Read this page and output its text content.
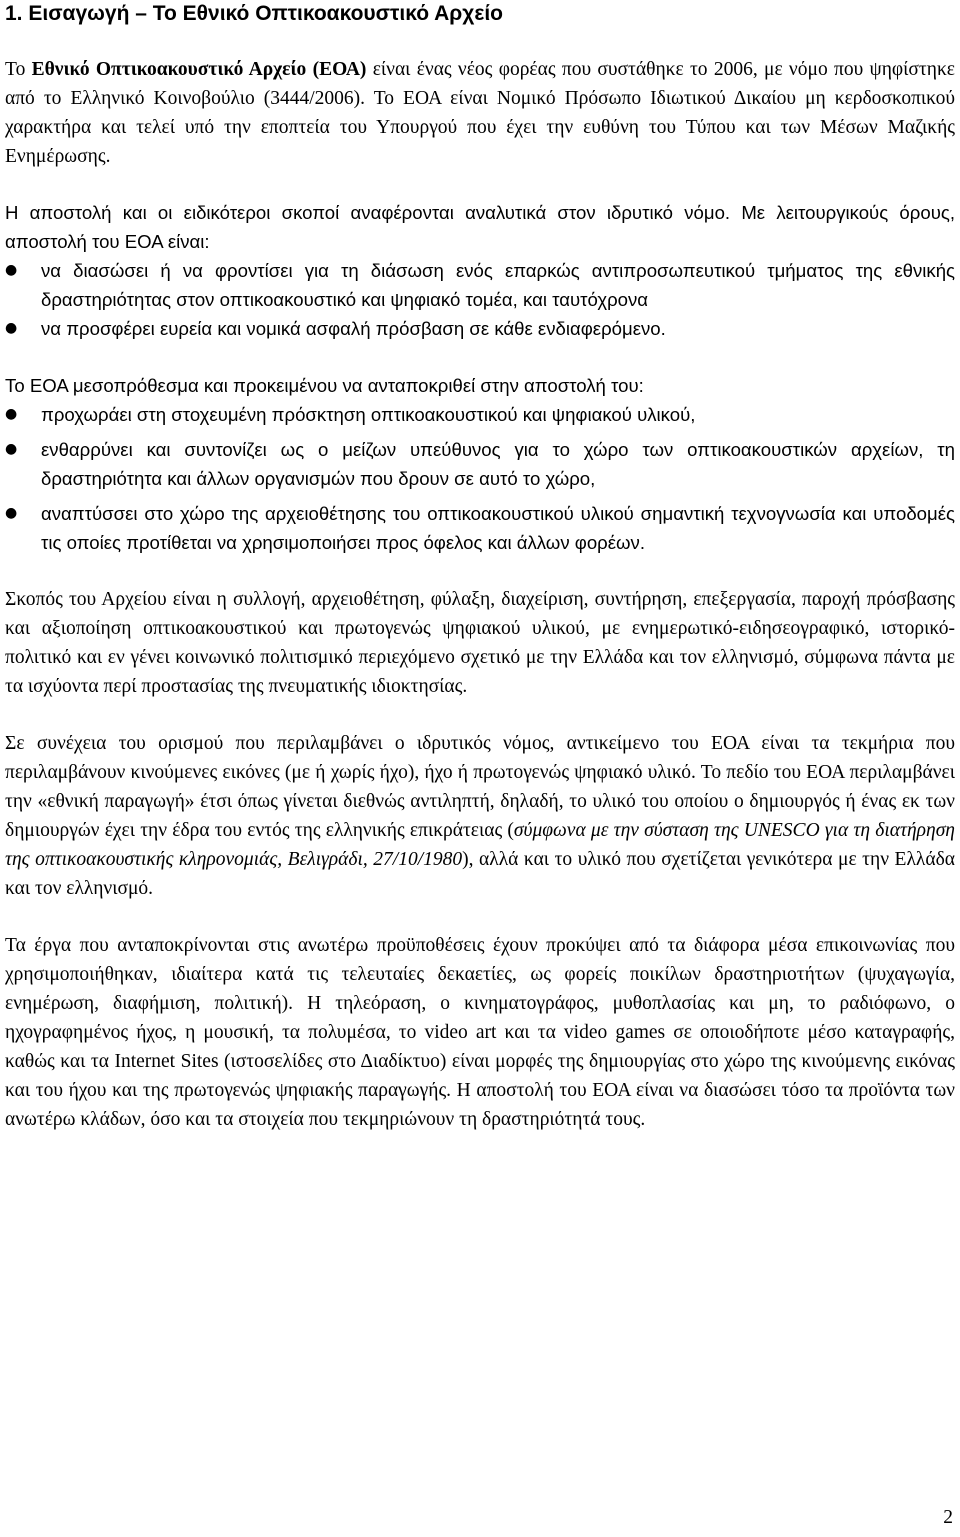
1. Εισαγωγή – Το Εθνικό Οπτικοακουστικό Αρχείο

Το Εθνικό Οπτικοακουστικό Αρχείο (ΕΟΑ) είναι ένας νέος φορέας που συστάθηκε το 2006, με νόμο που ψηφίστηκε από το Ελληνικό Κοινοβούλιο (3444/2006). Το ΕΟΑ είναι Νομικό Πρόσωπο Ιδιωτικού Δικαίου μη κερδοσκοπικού χαρακτήρα και τελεί υπό την εποπτεία του Υπουργού που έχει την ευθύνη του Τύπου και των Μέσων Μαζικής Ενημέρωσης.

Η αποστολή και οι ειδικότεροι σκοποί αναφέρονται αναλυτικά στον ιδρυτικό νόμο. Με λειτουργικούς όρους, αποστολή του ΕΟΑ είναι:

●	να διασώσει ή να φροντίσει για τη διάσωση ενός επαρκώς αντιπροσωπευτικού τμήματος της εθνικής δραστηριότητας στον οπτικοακουστικό και ψηφιακό τομέα, και ταυτόχρονα
●	να προσφέρει ευρεία και νομικά ασφαλή πρόσβαση σε κάθε ενδιαφερόμενο.

Το ΕΟΑ μεσοπρόθεσμα και προκειμένου να ανταποκριθεί στην αποστολή του:

●	προχωράει στη στοχευμένη πρόσκτηση οπτικοακουστικού και ψηφιακού υλικού,
●	ενθαρρύνει και συντονίζει ως ο μείζων υπεύθυνος για το χώρο των οπτικοακουστικών αρχείων, τη δραστηριότητα και άλλων οργανισμών που δρουν σε αυτό το χώρο,
●	αναπτύσσει στο χώρο της αρχειοθέτησης του οπτικοακουστικού υλικού σημαντική τεχνογνωσία και υποδομές τις οποίες προτίθεται να χρησιμοποιήσει προς όφελος και άλλων φορέων.

Σκοπός του Αρχείου είναι η συλλογή, αρχειοθέτηση, φύλαξη, διαχείριση, συντήρηση, επεξεργασία, παροχή πρόσβασης και αξιοποίηση οπτικοακουστικού και πρωτογενώς ψηφιακού υλικού, με ενημερωτικό-ειδησεογραφικό, ιστορικό-πολιτικό και εν γένει κοινωνικό πολιτισμικό περιεχόμενο σχετικό με την Ελλάδα και τον ελληνισμό, σύμφωνα πάντα με τα ισχύοντα περί προστασίας της πνευματικής ιδιοκτησίας.

Σε συνέχεια του ορισμού που περιλαμβάνει ο ιδρυτικός νόμος, αντικείμενο του ΕΟΑ είναι τα τεκμήρια που περιλαμβάνουν κινούμενες εικόνες (με ή χωρίς ήχο), ήχο ή πρωτογενώς ψηφιακό υλικό. Το πεδίο του ΕΟΑ περιλαμβάνει την «εθνική παραγωγή» έτσι όπως γίνεται διεθνώς αντιληπτή, δηλαδή, το υλικό του οποίου ο δημιουργός ή ένας εκ των δημιουργών έχει την έδρα του εντός της ελληνικής επικράτειας (σύμφωνα με την σύσταση της UNESCO για τη διατήρηση της οπτικοακουστικής κληρονομιάς, Βελιγράδι, 27/10/1980), αλλά και το υλικό που σχετίζεται γενικότερα με την Ελλάδα και τον ελληνισμό.

Τα έργα που ανταποκρίνονται στις ανωτέρω προϋποθέσεις έχουν προκύψει από τα διάφορα μέσα επικοινωνίας που χρησιμοποιήθηκαν, ιδιαίτερα κατά τις τελευταίες δεκαετίες, ως φορείς ποικίλων δραστηριοτήτων (ψυχαγωγία, ενημέρωση, διαφήμιση, πολιτική). Η τηλεόραση, ο κινηματογράφος, μυθοπλασίας και μη, το ραδιόφωνο, ο ηχογραφημένος ήχος, η μουσική, τα πολυμέσα, το video art και τα video games σε οποιοδήποτε μέσο καταγραφής, καθώς και τα Internet Sites (ιστοσελίδες στο Διαδίκτυο) είναι μορφές της δημιουργίας στο χώρο της κινούμενης εικόνας και του ήχου και της πρωτογενώς ψηφιακής παραγωγής. Η αποστολή του ΕΟΑ είναι να διασώσει τόσο τα προϊόντα των ανωτέρω κλάδων, όσο και τα στοιχεία που τεκμηριώνουν τη δραστηριότητά τους.

2
